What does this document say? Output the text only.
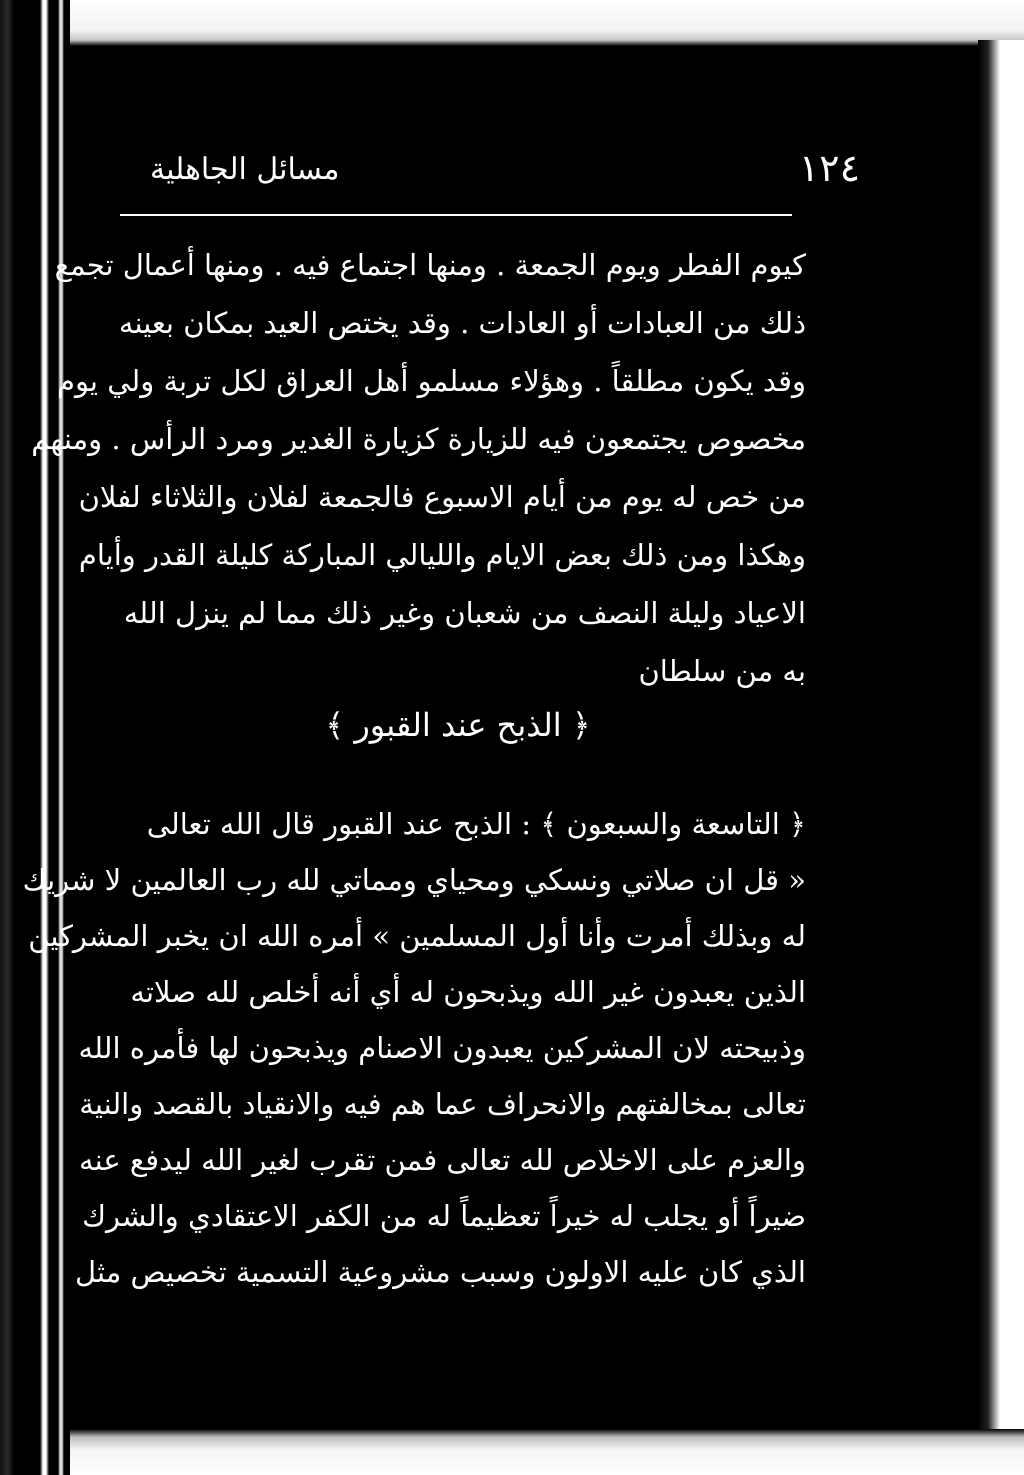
١٢٤
مسائل الجاهلية

كيوم الفطر ويوم الجمعة . ومنها اجتماع فيه . ومنها أعمال تجمع

ذلك من العبادات أو العادات . وقد يختص العيد بمكان بعينه

وقد يكون مطلقاً . وهؤلاء مسلمو أهل العراق لكل تربة ولي يوم

مخصوص يجتمعون فيه للزيارة كزيارة الغدير ومرد الرأس . ومنهم

من خص له يوم من أيام الاسبوع فالجمعة لفلان والثلاثاء لفلان

وهكذا ومن ذلك بعض الايام والليالي المباركة كليلة القدر وأيام

الاعياد وليلة النصف من شعبان وغير ذلك مما لم ينزل الله

به من سلطان

﴿ الذبح عند القبور ﴾

﴿ التاسعة والسبعون ﴾ : الذبح عند القبور قال الله تعالى

« قل ان صلاتي ونسكي ومحياي ومماتي لله رب العالمين لا شريك

له وبذلك أمرت وأنا أول المسلمين » أمره الله ان يخبر المشركين

الذين يعبدون غير الله ويذبحون له أي أنه أخلص لله صلاته

وذبيحته لان المشركين يعبدون الاصنام ويذبحون لها فأمره الله

تعالى بمخالفتهم والانحراف عما هم فيه والانقياد بالقصد والنية

والعزم على الاخلاص لله تعالى فمن تقرب لغير الله ليدفع عنه

ضيراً أو يجلب له خيراً تعظيماً له من الكفر الاعتقادي والشرك

الذي كان عليه الاولون وسبب مشروعية التسمية تخصيص مثل
